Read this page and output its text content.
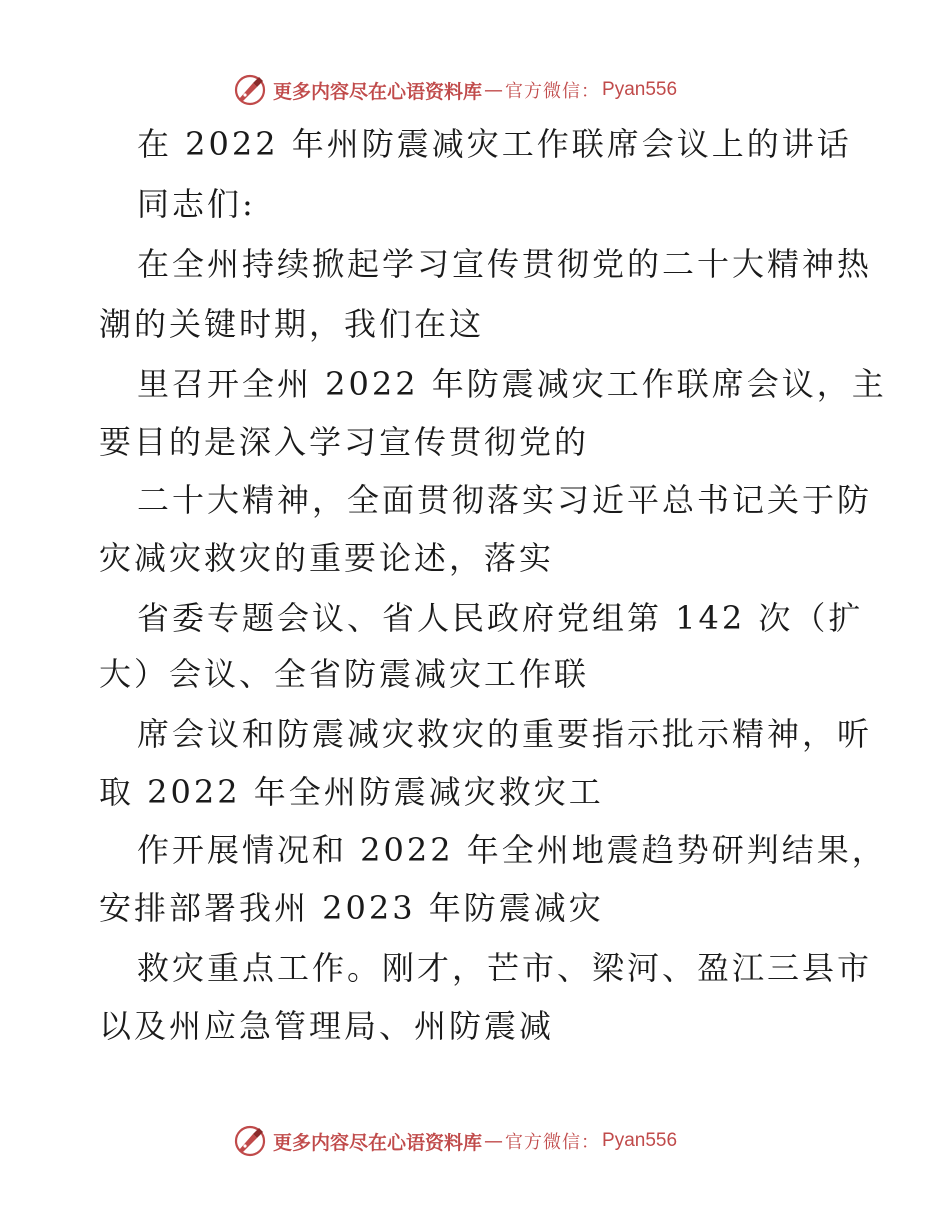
更多内容尽在心语资料库 — 官方微信： Pyan556
在 2022 年州防震减灾工作联席会议上的讲话
同志们:
在全州持续掀起学习宣传贯彻党的二十大精神热
潮的关键时期，我们在这
里召开全州 2022 年防震减灾工作联席会议，主
要目的是深入学习宣传贯彻党的
二十大精神，全面贯彻落实习近平总书记关于防
灾减灾救灾的重要论述，落实
省委专题会议、省人民政府党组第 142 次（扩
大）会议、全省防震减灾工作联
席会议和防震减灾救灾的重要指示批示精神，听
取 2022 年全州防震减灾救灾工
作开展情况和 2022 年全州地震趋势研判结果，
安排部署我州 2023 年防震减灾
救灾重点工作。刚才，芒市、梁河、盈江三县市
以及州应急管理局、州防震减
更多内容尽在心语资料库 — 官方微信： Pyan556
